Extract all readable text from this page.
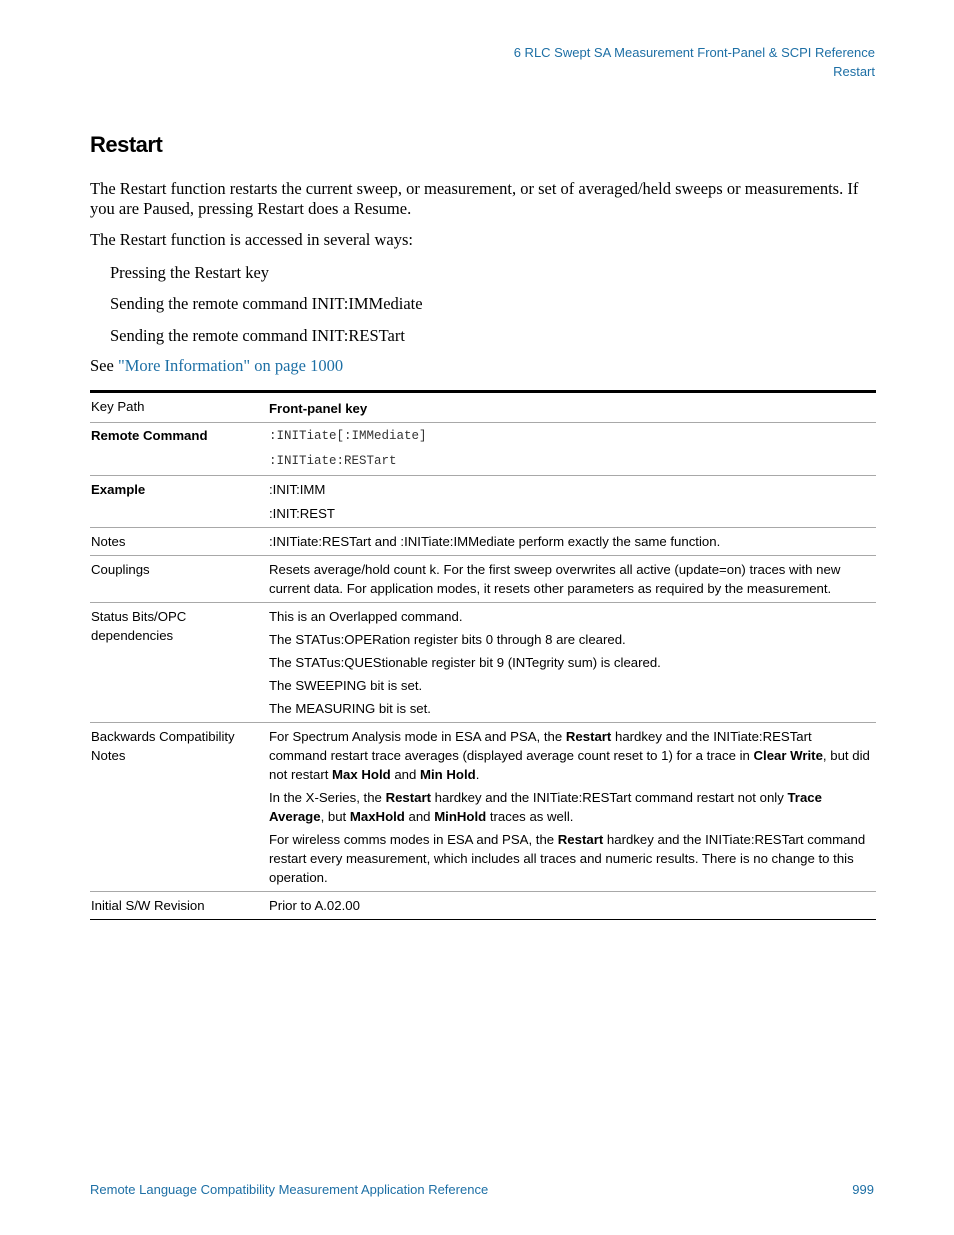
6 RLC Swept SA Measurement Front-Panel & SCPI Reference
Restart
Restart

The Restart function restarts the current sweep, or measurement, or set of averaged/held sweeps or measurements. If you are Paused, pressing Restart does a Resume.

The Restart function is accessed in several ways:

Pressing the Restart key

Sending the remote command INIT:IMMediate

Sending the remote command INIT:RESTart

See "More Information" on page 1000

Key Path	Front-panel key
Remote Command	:INITiate[:IMMediate]
:INITiate:RESTart

Example	:INIT:IMM
:INIT:REST

Notes	:INITiate:RESTart and :INITiate:IMMediate perform exactly the same function.
Couplings	Resets average/hold count k. For the first sweep overwrites all active (update=on) traces with new current data. For application modes, it resets other parameters as required by the measurement.
Status Bits/OPC dependencies	This is an Overlapped command.
The STATus:OPERation register bits 0 through 8 are cleared.
The STATus:QUEStionable register bit 9 (INTegrity sum) is cleared.
The SWEEPING bit is set.
The MEASURING bit is set.

Backwards Compatibility Notes	For Spectrum Analysis mode in ESA and PSA, the Restart hardkey and the INITiate:RESTart command restart trace averages (displayed average count reset to 1) for a trace in Clear Write, but did not restart Max Hold and Min Hold.
In the X-Series, the Restart hardkey and the INITiate:RESTart command restart not only Trace Average, but MaxHold and MinHold traces as well.
For wireless comms modes in ESA and PSA, the Restart hardkey and the INITiate:RESTart command restart every measurement, which includes all traces and numeric results. There is no change to this operation.

Initial S/W Revision	Prior to A.02.00
Remote Language Compatibility Measurement Application Reference	999
